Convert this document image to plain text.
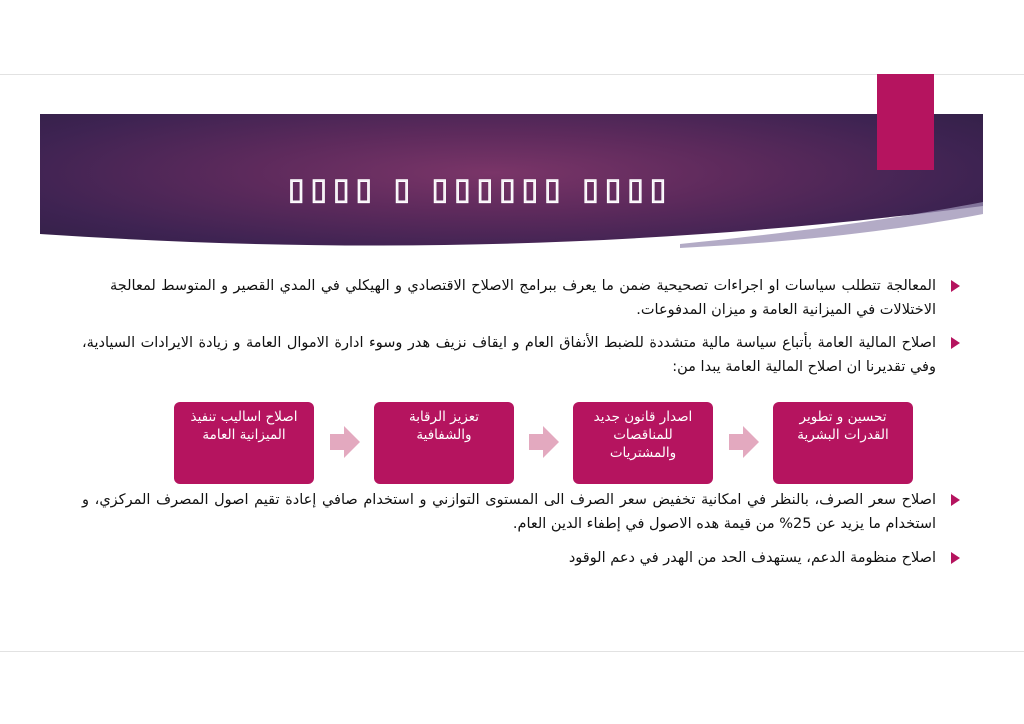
▯▯▯▯ ▯ ▯▯▯▯▯▯ ▯▯▯▯
المعالجة تتطلب سياسات او اجراءات تصحيحية ضمن ما يعرف ببرامج الاصلاح الاقتصادي و الهيكلي في المدي القصير و المتوسط لمعالجة الاختلالات في الميزانية العامة و ميزان المدفوعات.
اصلاح المالية العامة بأتباع سياسة مالية متشددة للضبط الأنفاق العام و ايقاف نزيف هدر وسوء ادارة الاموال العامة و زيادة الايرادات السيادية، وفي تقديرنا ان اصلاح المالية العامة يبدا من:
اصلاح اساليب تنفيذ الميزانية العامة
تعزيز الرقابة والشفافية
اصدار قانون جديد للمناقصات والمشتريات
تحسين و تطوير القدرات البشرية
اصلاح سعر الصرف، بالنظر في امكانية تخفيض سعر الصرف الى المستوى التوازني و استخدام صافي إعادة تقيم اصول المصرف المركزي، و استخدام ما يزيد عن 25% من قيمة هده الاصول في إطفاء الدين العام.
اصلاح منظومة الدعم، يستهدف الحد من الهدر في دعم الوقود
